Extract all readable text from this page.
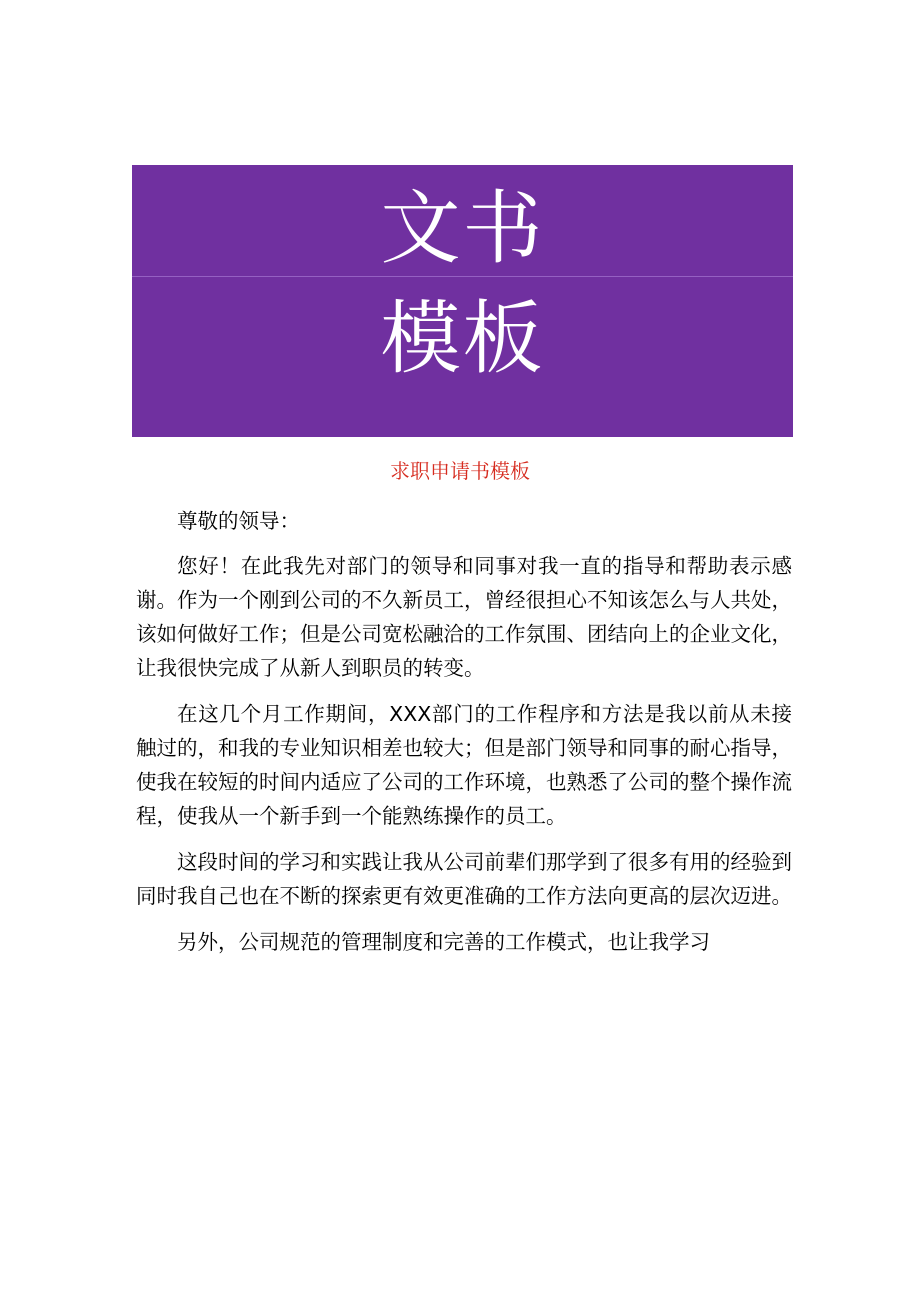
文书
模板
求职申请书模板

尊敬的领导：

您好！在此我先对部门的领导和同事对我一直的指导和帮助表示感谢。作为一个刚到公司的不久新员工，曾经很担心不知该怎么与人共处，该如何做好工作；但是公司宽松融洽的工作氛围、团结向上的企业文化，让我很快完成了从新人到职员的转变。

在这几个月工作期间，XXX部门的工作程序和方法是我以前从未接触过的，和我的专业知识相差也较大；但是部门领导和同事的耐心指导，使我在较短的时间内适应了公司的工作环境，也熟悉了公司的整个操作流程，使我从一个新手到一个能熟练操作的员工。

这段时间的学习和实践让我从公司前辈们那学到了很多有用的经验到同时我自己也在不断的探索更有效更准确的工作方法向更高的层次迈进。

另外，公司规范的管理制度和完善的工作模式，也让我学习
